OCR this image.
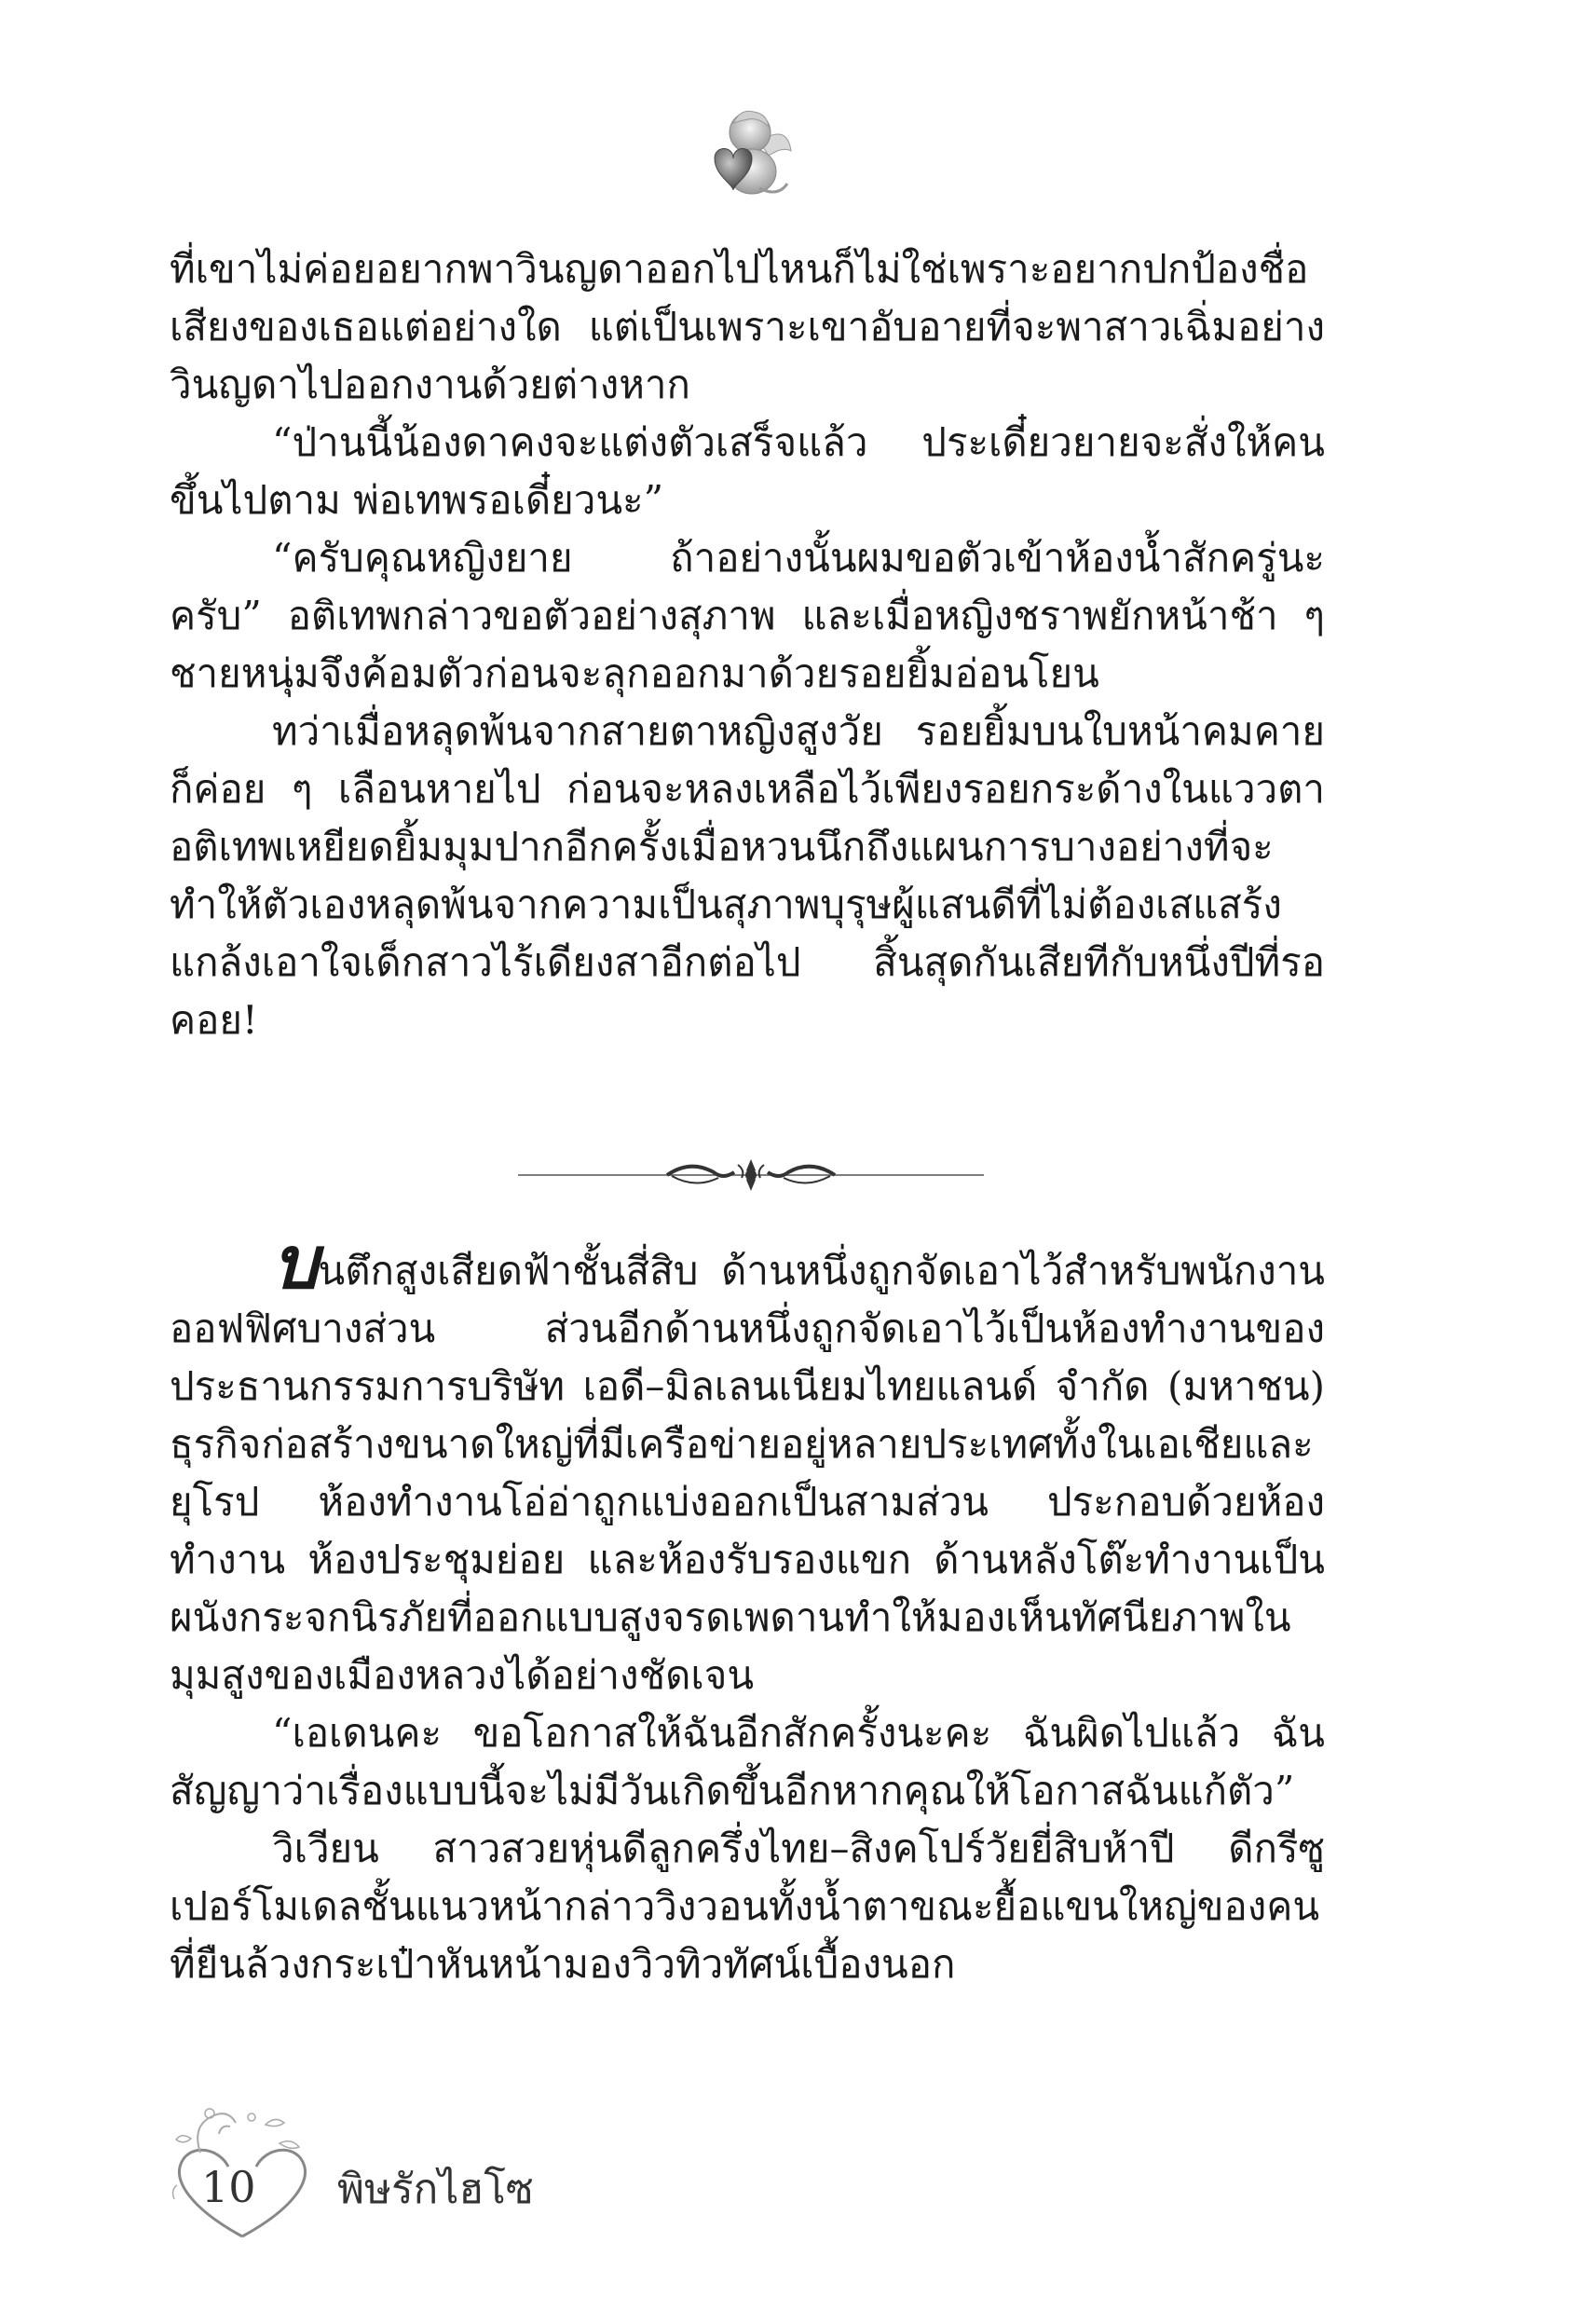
ที่เขาไม่ค่อยอยากพาวินญดาออกไปไหนก็ไม่ใช่เพราะอยากปกป้องชื่อเสียงของเธอแต่อย่างใด แต่เป็นเพราะเขาอับอายที่จะพาสาวเฉิ่มอย่างวินญดาไปออกงานด้วยต่างหาก

“ป่านนี้น้องดาคงจะแต่งตัวเสร็จแล้ว ประเดี๋ยวยายจะสั่งให้คนขึ้นไปตาม พ่อเทพรอเดี๋ยวนะ”

“ครับคุณหญิงยาย ถ้าอย่างนั้นผมขอตัวเข้าห้องน้ำสักครู่นะครับ” อติเทพกล่าวขอตัวอย่างสุภาพ และเมื่อหญิงชราพยักหน้าช้า ๆ ชายหนุ่มจึงค้อมตัวก่อนจะลุกออกมาด้วยรอยยิ้มอ่อนโยน

ทว่าเมื่อหลุดพ้นจากสายตาหญิงสูงวัย รอยยิ้มบนใบหน้าคมคายก็ค่อย ๆ เลือนหายไป ก่อนจะหลงเหลือไว้เพียงรอยกระด้างในแววตา อติเทพเหยียดยิ้มมุมปากอีกครั้งเมื่อหวนนึกถึงแผนการบางอย่างที่จะทำให้ตัวเองหลุดพ้นจากความเป็นสุภาพบุรุษผู้แสนดีที่ไม่ต้องเสแสร้งแกล้งเอาใจเด็กสาวไร้เดียงสาอีกต่อไป สิ้นสุดกันเสียทีกับหนึ่งปีที่รอคอย!

บนตึกสูงเสียดฟ้าชั้นสี่สิบ ด้านหนึ่งถูกจัดเอาไว้สำหรับพนักงานออฟฟิศบางส่วน ส่วนอีกด้านหนึ่งถูกจัดเอาไว้เป็นห้องทำงานของประธานกรรมการบริษัท เอดี–มิลเลนเนียมไทยแลนด์ จำกัด (มหาชน) ธุรกิจก่อสร้างขนาดใหญ่ที่มีเครือข่ายอยู่หลายประเทศทั้งในเอเชียและยุโรป ห้องทำงานโอ่อ่าถูกแบ่งออกเป็นสามส่วน ประกอบด้วยห้องทำงาน ห้องประชุมย่อย และห้องรับรองแขก ด้านหลังโต๊ะทำงานเป็นผนังกระจกนิรภัยที่ออกแบบสูงจรดเพดานทำให้มองเห็นทัศนียภาพในมุมสูงของเมืองหลวงได้อย่างชัดเจน

“เอเดนคะ ขอโอกาสให้ฉันอีกสักครั้งนะคะ ฉันผิดไปแล้ว ฉันสัญญาว่าเรื่องแบบนี้จะไม่มีวันเกิดขึ้นอีกหากคุณให้โอกาสฉันแก้ตัว”

วิเวียน สาวสวยหุ่นดีลูกครึ่งไทย–สิงคโปร์วัยยี่สิบห้าปี ดีกรีซูเปอร์โมเดลชั้นแนวหน้ากล่าววิงวอนทั้งน้ำตาขณะยื้อแขนใหญ่ของคนที่ยืนล้วงกระเป๋าหันหน้ามองวิวทิวทัศน์เบื้องนอก

10 พิษรักไฮโซ
